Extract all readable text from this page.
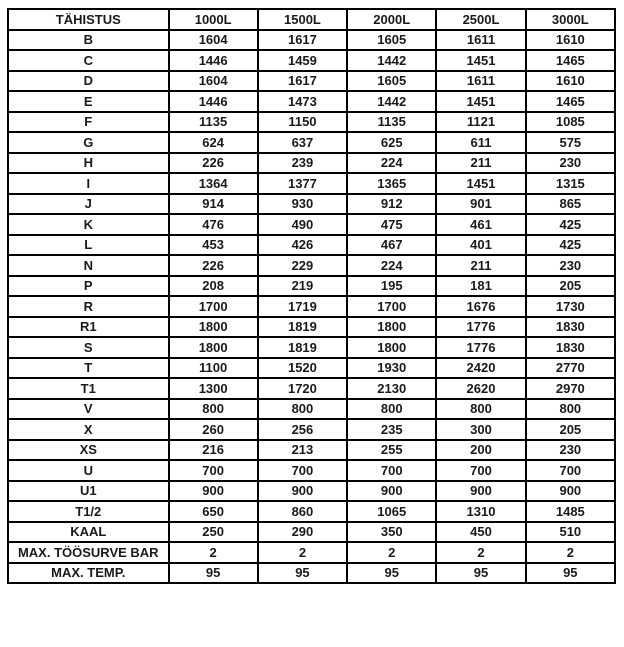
TÄHISTUS	1000L	1500L	2000L	2500L	3000L
B	1604	1617	1605	1611	1610
C	1446	1459	1442	1451	1465
D	1604	1617	1605	1611	1610
E	1446	1473	1442	1451	1465
F	1135	1150	1135	1121	1085
G	624	637	625	611	575
H	226	239	224	211	230
I	1364	1377	1365	1451	1315
J	914	930	912	901	865
K	476	490	475	461	425
L	453	426	467	401	425
N	226	229	224	211	230
P	208	219	195	181	205
R	1700	1719	1700	1676	1730
R1	1800	1819	1800	1776	1830
S	1800	1819	1800	1776	1830
T	1100	1520	1930	2420	2770
T1	1300	1720	2130	2620	2970
V	800	800	800	800	800
X	260	256	235	300	205
XS	216	213	255	200	230
U	700	700	700	700	700
U1	900	900	900	900	900
T1/2	650	860	1065	1310	1485
KAAL	250	290	350	450	510
MAX. TÖÖSURVE BAR	2	2	2	2	2
MAX. TEMP.	95	95	95	95	95
